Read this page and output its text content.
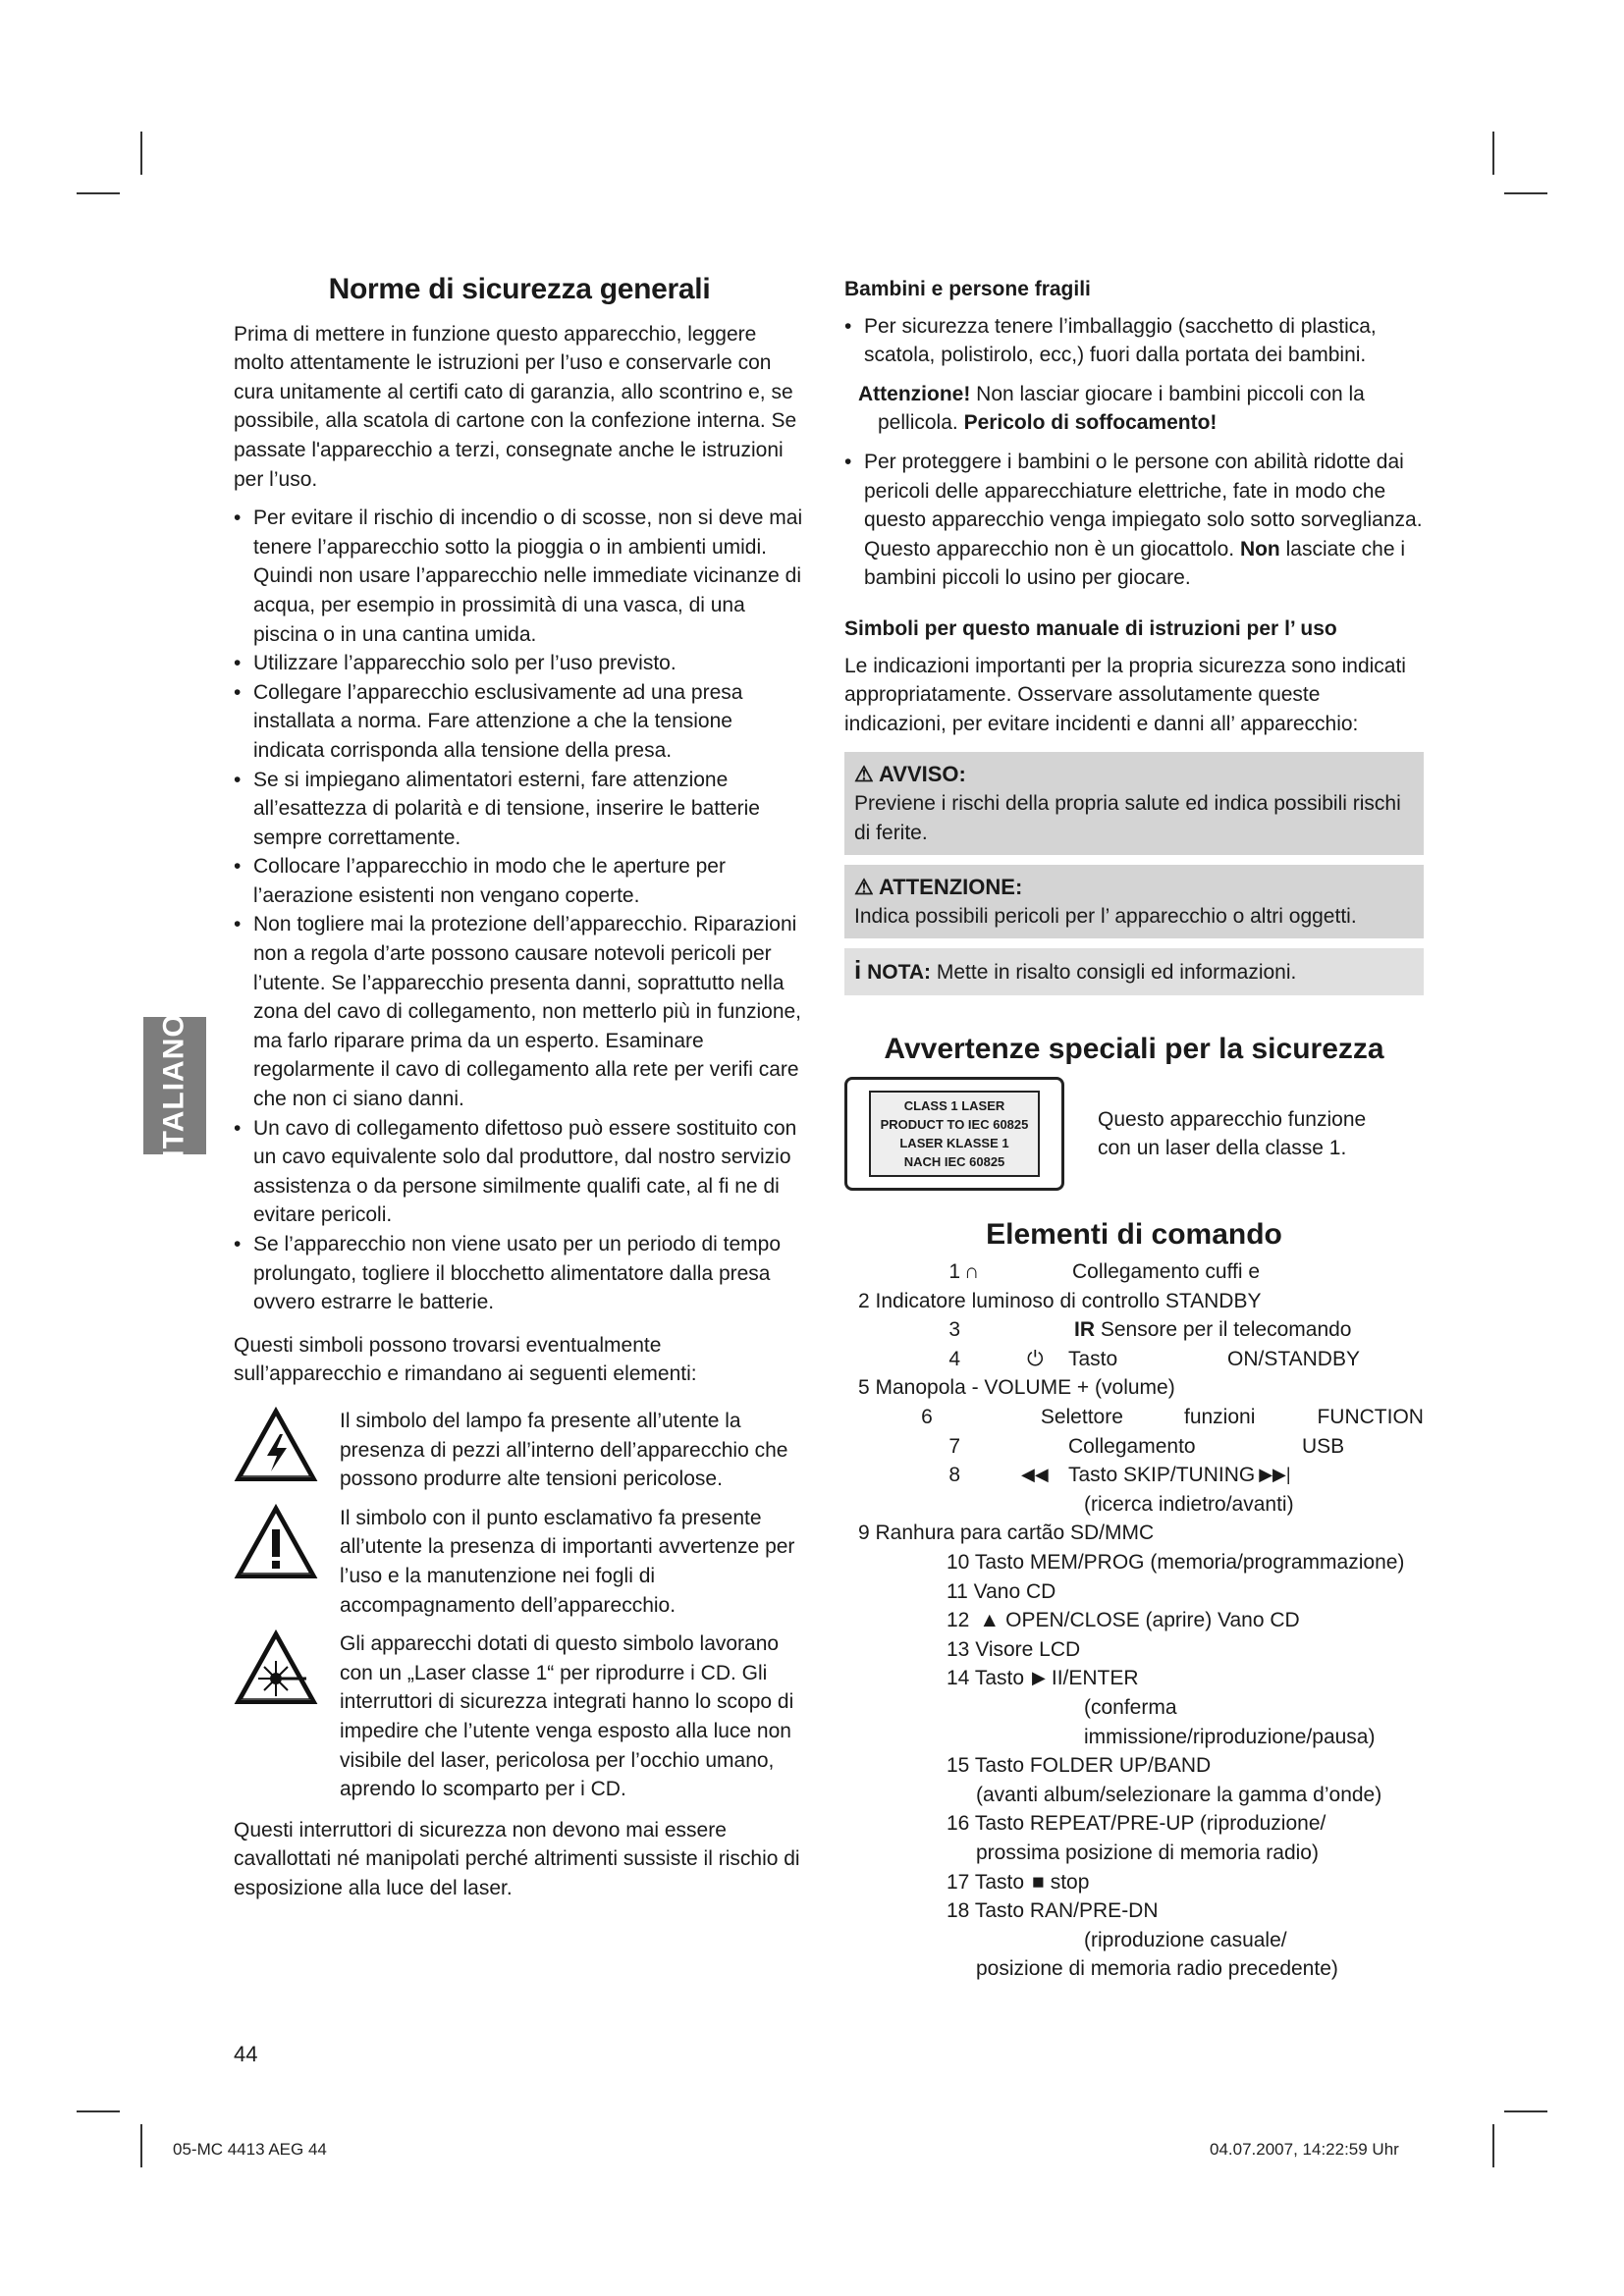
ITALIANO
Norme di sicurezza generali

Prima di mettere in funzione questo apparecchio, leggere molto attentamente le istruzioni per l’uso e conservarle con cura unitamente al certifi cato di garanzia, allo scontrino e, se possibile, alla scatola di cartone con la confezione interna. Se passate l'apparecchio a terzi, consegnate anche le istruzioni per l’uso.

• Per evitare il rischio di incendio o di scosse, non si deve mai tenere l’apparecchio sotto la pioggia o in ambienti umidi. Quindi non usare l’apparecchio nelle immediate vicinanze di acqua, per esempio in prossimità di una vasca, di una piscina o in una cantina umida.
• Utilizzare l’apparecchio solo per l’uso previsto.
• Collegare l’apparecchio esclusivamente ad una presa installata a norma. Fare attenzione a che la tensione indicata corrisponda alla tensione della presa.
• Se si impiegano alimentatori esterni, fare attenzione all’esattezza di polarità e di tensione, inserire le batterie sempre correttamente.
• Collocare l’apparecchio in modo che le aperture per l’aerazione esistenti non vengano coperte.
• Non togliere mai la protezione dell’apparecchio. Riparazioni non a regola d’arte possono causare notevoli pericoli per l’utente. Se l’apparecchio presenta danni, soprattutto nella zona del cavo di collegamento, non metterlo più in funzione, ma farlo riparare prima da un esperto. Esaminare regolarmente il cavo di collegamento alla rete per verifi care che non ci siano danni.
• Un cavo di collegamento difettoso può essere sostituito con un cavo equivalente solo dal produttore, dal nostro servizio assistenza o da persone similmente qualifi cate, al fi ne di evitare pericoli.
• Se l’apparecchio non viene usato per un periodo di tempo prolungato, togliere il blocchetto alimentatore dalla presa ovvero estrarre le batterie.

Questi simboli possono trovarsi eventualmente sull’apparecchio e rimandano ai seguenti elementi:

Il simbolo del lampo fa presente all’utente la presenza di pezzi all’interno dell’apparecchio che possono produrre alte tensioni pericolose.

Il simbolo con il punto esclamativo fa presente all’utente la presenza di importanti avvertenze per l’uso e la manutenzione nei fogli di accompagnamento dell’apparecchio.

Gli apparecchi dotati di questo simbolo lavorano con un „Laser classe 1“ per riprodurre i CD. Gli interruttori di sicurezza integrati hanno lo scopo di impedire che l’utente venga esposto alla luce non visibile del laser, pericolosa per l’occhio umano, aprendo lo scomparto per i CD.

Questi interruttori di sicurezza non devono mai essere cavallottati né manipolati perché altrimenti sussiste il rischio di esposizione alla luce del laser.

Bambini e persone fragili
• Per sicurezza tenere l’imballaggio (sacchetto di plastica, scatola, polistirolo, ecc,) fuori dalla portata dei bambini.

Attenzione! Non lasciar giocare i bambini piccoli con la pellicola. Pericolo di soffocamento!

• Per proteggere i bambini o le persone con abilità ridotte dai pericoli delle apparecchiature elettriche, fate in modo che questo apparecchio venga impiegato solo sotto sorveglianza. Questo apparecchio non è un giocattolo. Non lasciate che i bambini piccoli lo usino per giocare.
Simboli per questo manuale di istruzioni per l’ uso

Le indicazioni importanti per la propria sicurezza sono indicati appropriatamente. Osservare assolutamente queste indicazioni, per evitare incidenti e danni all’ apparecchio:

⚠ AVVISO:
Previene i rischi della propria salute ed indica possibili rischi di ferite.
⚠ ATTENZIONE:
Indica possibili pericoli per l’ apparecchio o altri oggetti.
i NOTA: Mette in risalto consigli ed informazioni.
Avvertenze speciali per la sicurezza
CLASS 1 LASER
PRODUCT TO IEC 60825
LASER KLASSE 1
NACH IEC 60825

Questo apparecchio funzione con un laser della classe 1.

Elementi di comando
1 ∩	Collegamento cuffi e
2 Indicatore luminoso di controllo STANDBY
3	IR Sensore per il telecomando
4	⏻	Tasto	ON/STANDBY
5 Manopola - VOLUME + (volume)
6	Selettore	funzioni	FUNCTION
7	Collegamento	USB
8	◀◀ Tasto SKIP/TUNING ▶▶|
(ricerca indietro/avanti)
9 Ranhura para cartão SD/MMC
10 Tasto MEM/PROG (memoria/programmazione)
11 Vano CD
12 ▲ OPEN/CLOSE (aprire) Vano CD
13 Visore LCD
14 Tasto ▶ II/ENTER
(conferma immissione/riproduzione/pausa)
15 Tasto FOLDER UP/BAND
(avanti album/selezionare la gamma d’onde)
16 Tasto REPEAT/PRE-UP (riproduzione/
prossima posizione di memoria radio)
17 Tasto ■ stop
18 Tasto RAN/PRE-DN
(riproduzione casuale/
posizione di memoria radio precedente)
44
05-MC 4413 AEG 44	04.07.2007, 14:22:59 Uhr
